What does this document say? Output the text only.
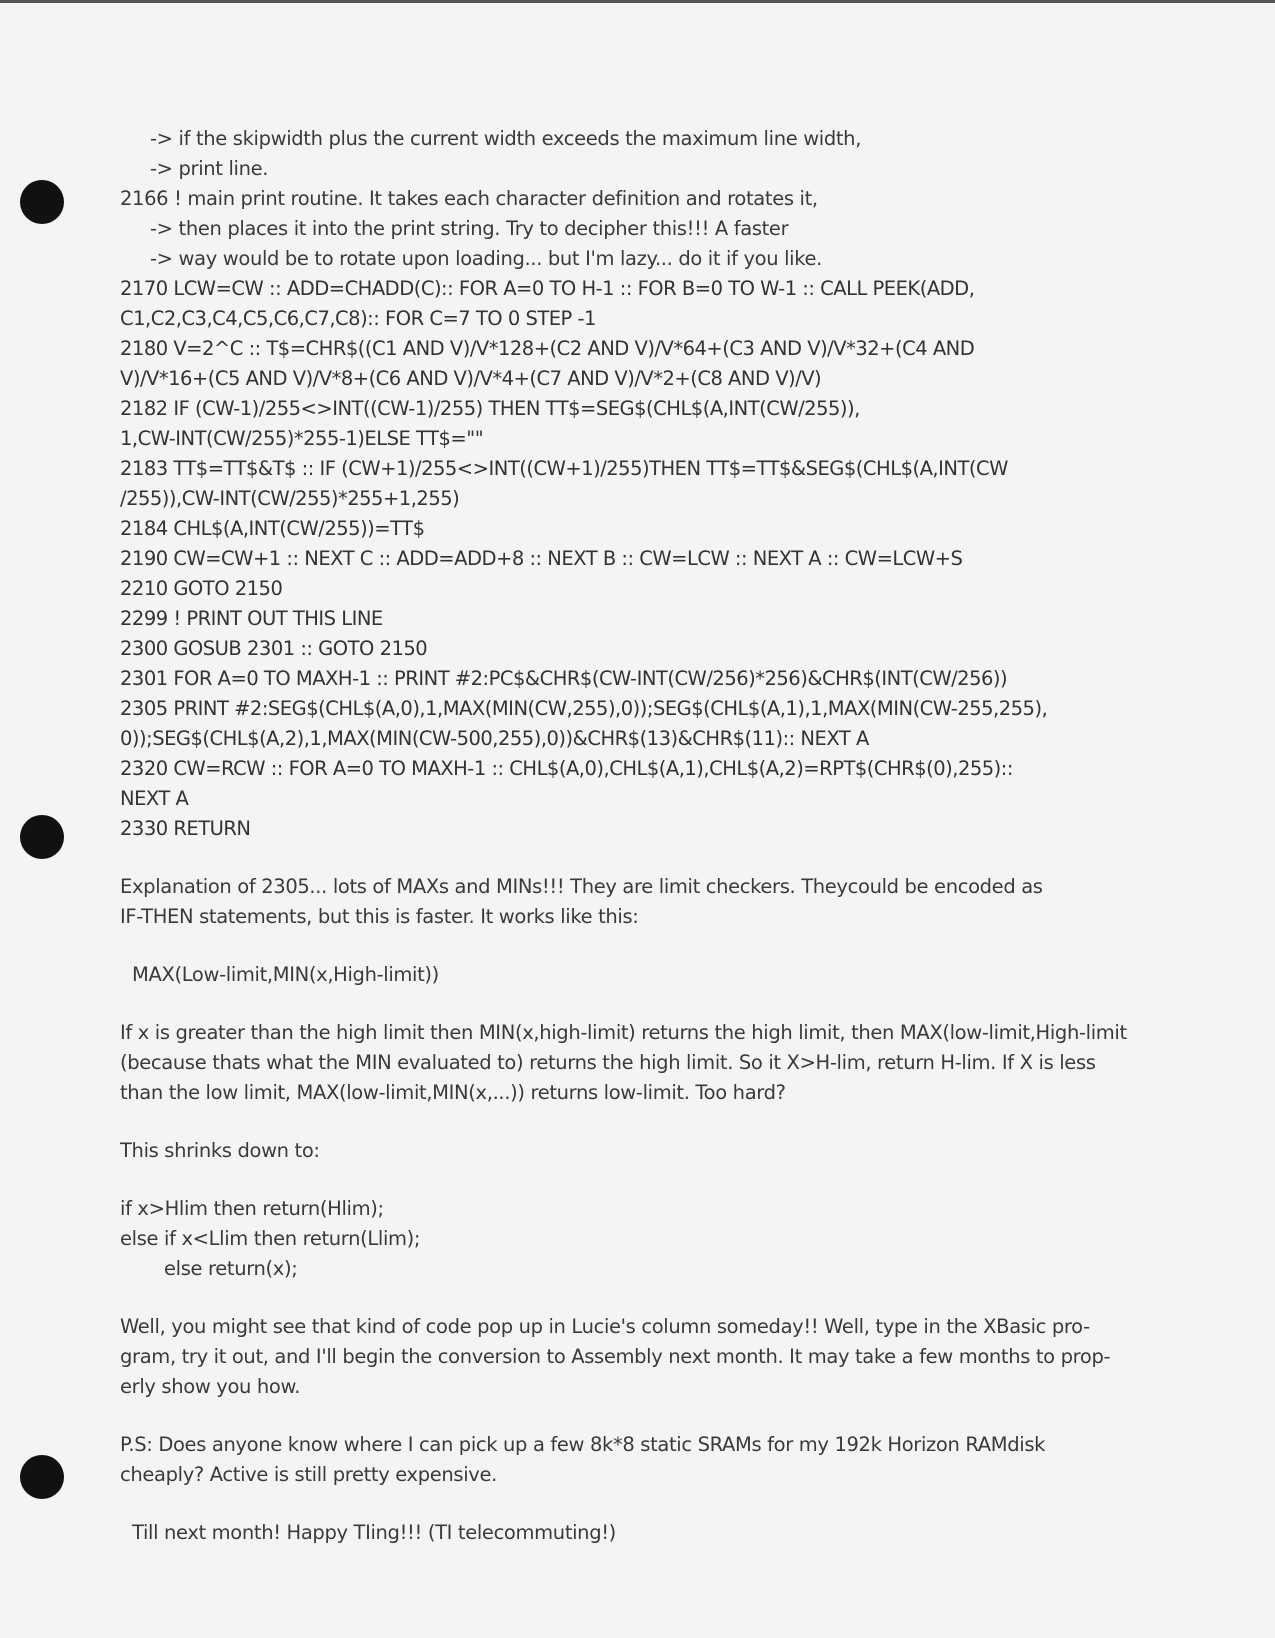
-> if the skipwidth plus the current width exceeds the maximum line width,
-> print line.
2166 ! main print routine. It takes each character definition and rotates it,
-> then places it into the print string. Try to decipher this!!! A faster
-> way would be to rotate upon loading... but I'm lazy... do it if you like.
2170 LCW=CW :: ADD=CHADD(C):: FOR A=0 TO H-1 :: FOR B=0 TO W-1 :: CALL PEEK(ADD,
C1,C2,C3,C4,C5,C6,C7,C8):: FOR C=7 TO 0 STEP -1
2180 V=2^C :: T$=CHR$((C1 AND V)/V*128+(C2 AND V)/V*64+(C3 AND V)/V*32+(C4 AND
V)/V*16+(C5 AND V)/V*8+(C6 AND V)/V*4+(C7 AND V)/V*2+(C8 AND V)/V)
2182 IF (CW-1)/255<>INT((CW-1)/255) THEN TT$=SEG$(CHL$(A,INT(CW/255)),
1,CW-INT(CW/255)*255-1)ELSE TT$=""
2183 TT$=TT$&T$ :: IF (CW+1)/255<>INT((CW+1)/255)THEN TT$=TT$&SEG$(CHL$(A,INT(CW
/255)),CW-INT(CW/255)*255+1,255)
2184 CHL$(A,INT(CW/255))=TT$
2190 CW=CW+1 :: NEXT C :: ADD=ADD+8 :: NEXT B :: CW=LCW :: NEXT A :: CW=LCW+S
2210 GOTO 2150
2299 ! PRINT OUT THIS LINE
2300 GOSUB 2301 :: GOTO 2150
2301 FOR A=0 TO MAXH-1 :: PRINT #2:PC$&CHR$(CW-INT(CW/256)*256)&CHR$(INT(CW/256))
2305 PRINT #2:SEG$(CHL$(A,0),1,MAX(MIN(CW,255),0));SEG$(CHL$(A,1),1,MAX(MIN(CW-255,255),
0));SEG$(CHL$(A,2),1,MAX(MIN(CW-500,255),0))&CHR$(13)&CHR$(11):: NEXT A
2320 CW=RCW :: FOR A=0 TO MAXH-1 :: CHL$(A,0),CHL$(A,1),CHL$(A,2)=RPT$(CHR$(0),255)::
NEXT A
2330 RETURN
Explanation of 2305... lots of MAXs and MINs!!! They are limit checkers. Theycould be encoded as
IF-THEN statements, but this is faster. It works like this:
MAX(Low-limit,MIN(x,High-limit))
If x is greater than the high limit then MIN(x,high-limit) returns the high limit, then MAX(low-limit,High-limit
(because thats what the MIN evaluated to) returns the high limit. So it X>H-lim, return H-lim. If X is less
than the low limit, MAX(low-limit,MIN(x,...)) returns low-limit. Too hard?
This shrinks down to:
if x>Hlim then return(Hlim);
else if x<Llim then return(Llim);
else return(x);
Well, you might see that kind of code pop up in Lucie's column someday!! Well, type in the XBasic pro-
gram, try it out, and I'll begin the conversion to Assembly next month. It may take a few months to prop-
erly show you how.
P.S: Does anyone know where I can pick up a few 8k*8 static SRAMs for my 192k Horizon RAMdisk
cheaply? Active is still pretty expensive.
Till next month! Happy TIing!!! (TI telecommuting!)
